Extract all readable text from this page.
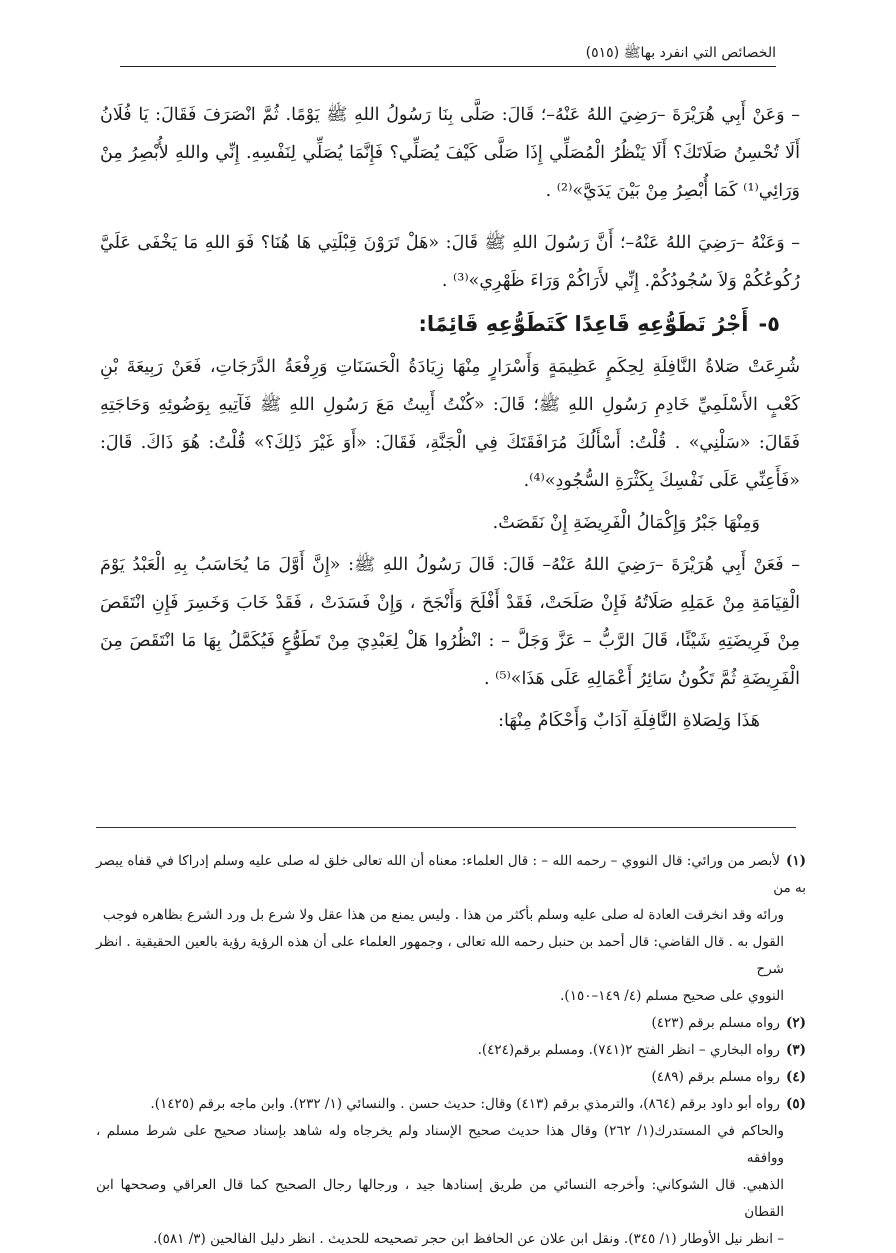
الخصائص التي انفرد بهاﷺ (٥١٥)

– وَعَنْ أَبِي هُرَيْرَةَ –رَضِيَ اللهُ عَنْهُ–؛ قَالَ: صَلَّى بِنَا رَسُولُ اللهِ ﷺ يَوْمًا. ثُمَّ انْصَرَفَ فَقَالَ: يَا فُلَانُ أَلَا تُحْسِنُ صَلَاتَكَ؟ أَلَا يَنْظُرُ الْمُصَلِّي إِذَا صَلَّى كَيْفَ يُصَلِّي؟ فَإِنَّمَا يُصَلِّي لِنَفْسِهِ. إِنِّي واللهِ لأُبْصِرُ مِنْ وَرَائِي⁽¹⁾ كَمَا أُبْصِرُ مِنْ بَيْنَ يَدَيَّ»⁽²⁾ .

– وَعَنْهُ –رَضِيَ اللهُ عَنْهُ–؛ أَنَّ رَسُولَ اللهِ ﷺ قَالَ: «هَلْ تَرَوْنَ قِبْلَتِي هَا هُنَا؟ فَوَ اللهِ مَا يَخْفَى عَلَيَّ رُكُوعُكُمْ وَلاَ سُجُودُكُمْ. إِنِّي لأَرَاكُمْ وَرَاءَ ظَهْرِي»⁽³⁾ .

٥-أَجْرُ تَطَوُّعِهِ قَاعِدًا كَتَطَوُّعِهِ قَائِمًا:

شُرِعَتْ صَلاةُ النَّافِلَةِ لِحِكَمٍ عَظِيمَةٍ وَأَسْرَارٍ مِنْهَا زِيَادَةُ الْحَسَنَاتِ وَرِفْعَةُ الدَّرَجَاتِ، فَعَنْ رَبِيعَةَ بْنِ كَعْبٍ الأَسْلَمِيِّ خَادِمِ رَسُولِ اللهِ ﷺ؛ قَالَ: «كُنْتُ أَبِيتُ مَعَ رَسُولِ اللهِ ﷺ فَآتِيهِ بِوَضُوئِهِ وَحَاجَتِهِ فَقَالَ: «سَلْنِي» . قُلْتُ: أَسْأَلُكَ مُرَافَقَتَكَ فِي الْجَنَّةِ، فَقَالَ: «أَوَ غَيْرَ ذَلِكَ؟» قُلْتُ: هُوَ ذَاكَ. قَالَ: «فَأَعِنِّي عَلَى نَفْسِكَ بِكَثْرَةِ السُّجُودِ»⁽⁴⁾.

وَمِنْهَا جَبْرُ وَإِكْمَالُ الْفَرِيضَةِ إِنْ نَقَصَتْ.

– فَعَنْ أَبِي هُرَيْرَةَ –رَضِيَ اللهُ عَنْهُ– قَالَ: قَالَ رَسُولُ اللهِ ﷺ: «إِنَّ أَوَّلَ مَا يُحَاسَبُ بِهِ الْعَبْدُ يَوْمَ الْقِيَامَةِ مِنْ عَمَلِهِ صَلَاتُهُ فَإِنْ صَلَحَتْ، فَقَدْ أَفْلَحَ وَأَنْجَحَ ، وَإِنْ فَسَدَتْ ، فَقَدْ خَابَ وَخَسِرَ فَإِنِ انْتَقَصَ مِنْ فَرِيضَتِهِ شَيْئًا، قَالَ الرَّبُّ – عَزَّ وَجَلَّ – : انْظُرُوا هَلْ لِعَبْدِيَ مِنْ تَطَوُّعٍ فَيُكَمَّلُ بِهَا مَا انْتَقَصَ مِنَ الْفَرِيضَةِ ثُمَّ تَكُونُ سَائِرُ أَعْمَالِهِ عَلَى هَذَا»⁽⁵⁾ .

هَذَا وَلِصَلاةِ النَّافِلَةِ آدَابٌ وَأَحْكَامٌ مِنْهَا:

(١)لأبصر من ورائي: قال النووي – رحمه الله – : قال العلماء: معناه أن الله تعالى خلق له صلى عليه وسلم إدراكا في قفاه يبصر به من
ورائه وقد انخرقت العادة له صلى عليه وسلم بأكثر من هذا . وليس يمنع من هذا عقل ولا شرع بل ورد الشرع بظاهره فوجب
القول به . قال القاضي: قال أحمد بن حنبل رحمه الله تعالى ، وجمهور العلماء على أن هذه الرؤية رؤية بالعين الحقيقية . انظر شرح
النووي على صحيح مسلم (٤/ ١٤٩–١٥٠).

(٢)رواه مسلم برقم (٤٢٣)

(٣)رواه البخاري – انظر الفتح ٢(٧٤١). ومسلم برقم(٤٢٤).

(٤)رواه مسلم برقم (٤٨٩)

(٥)رواه أبو داود برقم (٨٦٤)، والترمذي برقم (٤١٣) وقال: حديث حسن . والنسائي (١/ ٢٣٢). وابن ماجه برقم (١٤٢٥).
والحاكم في المستدرك(١/ ٢٦٢) وقال هذا حديث صحيح الإسناد ولم يخرجاه وله شاهد بإسناد صحيح على شرط مسلم ، ووافقه
الذهبي. قال الشوكاني: وأخرجه النسائي من طريق إسنادها جيد ، ورجالها رجال الصحيح كما قال العراقي وصححها ابن القطان
– انظر نيل الأوطار (١/ ٣٤٥). ونقل ابن علان عن الحافظ ابن حجر تصحيحه للحديث . انظر دليل الفالحين (٣/ ٥٨١).
